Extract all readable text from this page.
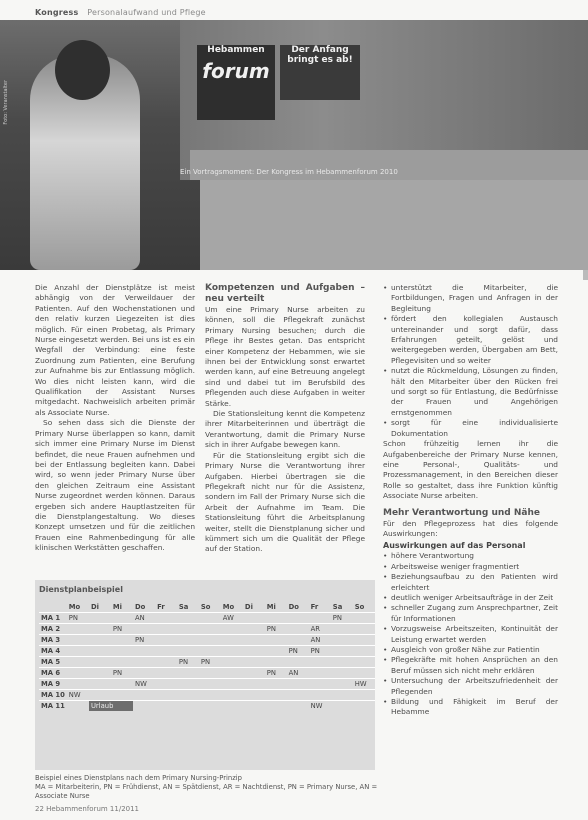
Kongress Personalaufwand und Pflege
Hebammen
forum
Der Anfang bringt es ab!
Ein Vortragsmoment: Der Kongress im Hebammenforum 2010
Foto: Veranstalter

Die Anzahl der Dienstplätze ist meist abhängig von der Verweildauer der Patienten. Auf den Wochenstationen und den relativ kurzen Liegezeiten ist dies möglich. Für einen Probetag, als Primary Nurse eingesetzt werden. Bei uns ist es ein Wegfall der Verbindung: eine feste Zuordnung zum Patienten, eine Berufung zur Aufnahme bis zur Entlassung möglich. Wo dies nicht leisten kann, wird die Qualifikation der Assistant Nurses mitgedacht. Nachweislich arbeiten primär als Associate Nurse.

So sehen dass sich die Dienste der Primary Nurse überlappen so kann, damit sich immer eine Primary Nurse im Dienst befindet, die neue Frauen aufnehmen und bei der Entlassung begleiten kann. Dabei wird, so wenn jeder Primary Nurse über den gleichen Zeitraum eine Assistant Nurse zugeordnet werden können. Daraus ergeben sich andere Hauptlastzeiten für die Dienstplangestaltung. Wo dieses Konzept umsetzen und für die zeitlichen Frauen eine Rahmenbedingung für alle klinischen Werkstätten geschaffen.

Kompetenzen und Aufgaben – neu verteilt

Um eine Primary Nurse arbeiten zu können, soll die Pflegekraft zunächst Primary Nursing besuchen; durch die Pflege ihr Bestes getan. Das entspricht einer Kompetenz der Hebammen, wie sie ihnen bei der Entwicklung sonst erwartet werden kann, auf eine Betreuung angelegt sind und dabei tut im Berufsbild des Pflegenden auch diese Aufgaben in weiter Stärke.

Die Stationsleitung kennt die Kompetenz ihrer Mitarbeiterinnen und überträgt die Verantwortung, damit die Primary Nurse sich in ihrer Aufgabe bewegen kann.

Für die Stationsleitung ergibt sich die Primary Nurse die Verantwortung ihrer Aufgaben. Hierbei übertragen sie die Pflegekraft nicht nur für die Assistenz, sondern im Fall der Primary Nurse sich die Arbeit der Aufnahme im Team. Die Stationsleitung führt die Arbeitsplanung weiter, stellt die Dienstplanung sicher und kümmert sich um die Qualität der Pflege auf der Station.

• unterstützt die Mitarbeiter, die Fortbildungen, Fragen und Anfragen in der Begleitung
• fördert den kollegialen Austausch untereinander und sorgt dafür, dass Erfahrungen geteilt, gelöst und weitergegeben werden, Übergaben am Bett, Pflegevisiten und so weiter
• nutzt die Rückmeldung, Lösungen zu finden, hält den Mitarbeiter über den Rücken frei und sorgt so für Entlastung, die Bedürfnisse der Frauen und Angehörigen ernstgenommen
• sorgt für eine individualisierte Dokumentation

Schon frühzeitig lernen ihr die Aufgabenbereiche der Primary Nurse kennen, eine Personal-, Qualitäts- und Prozessmanagement, in den Bereichen dieser Rolle so gestaltet, dass ihre Funktion künftig Associate Nurse arbeiten.

Mehr Verantwortung und Nähe

Für den Pflegeprozess hat dies folgende Auswirkungen:

Auswirkungen auf das Personal
• höhere Verantwortung
• Arbeitsweise weniger fragmentiert
• Beziehungsaufbau zu den Patienten wird erleichtert
• deutlich weniger Arbeitsaufträge in der Zeit
• schneller Zugang zum Ansprechpartner, Zeit für Informationen
• Vorzugsweise Arbeitszeiten, Kontinuität der Leistung erwartet werden
• Ausgleich von großer Nähe zur Patientin
• Pflegekräfte mit hohen Ansprüchen an den Beruf müssen sich nicht mehr erklären
• Untersuchung der Arbeitszufriedenheit der Pflegenden
• Bildung und Fähigkeit im Beruf der Hebamme
Dienstplanbeispiel
	Mo	Di	Mi	Do	Fr	Sa	So	Mo	Di	Mi	Do	Fr	Sa	So
MA 1	PN			AN				AW					PN	
MA 2			PN							PN		AR		
MA 3				PN								AN		
MA 4											PN	PN		
MA 5						PN	PN							
MA 6			PN							PN	AN			
MA 9				NW										HW
MA 10	NW													
MA 11		Urlaub										NW		
Beispiel eines Dienstplans nach dem Primary Nursing-Prinzip
MA = Mitarbeiterin, PN = Frühdienst, AN = Spätdienst, AR = Nachtdienst, PN = Primary Nurse, AN = Associate Nurse
22 Hebammenforum 11/2011
